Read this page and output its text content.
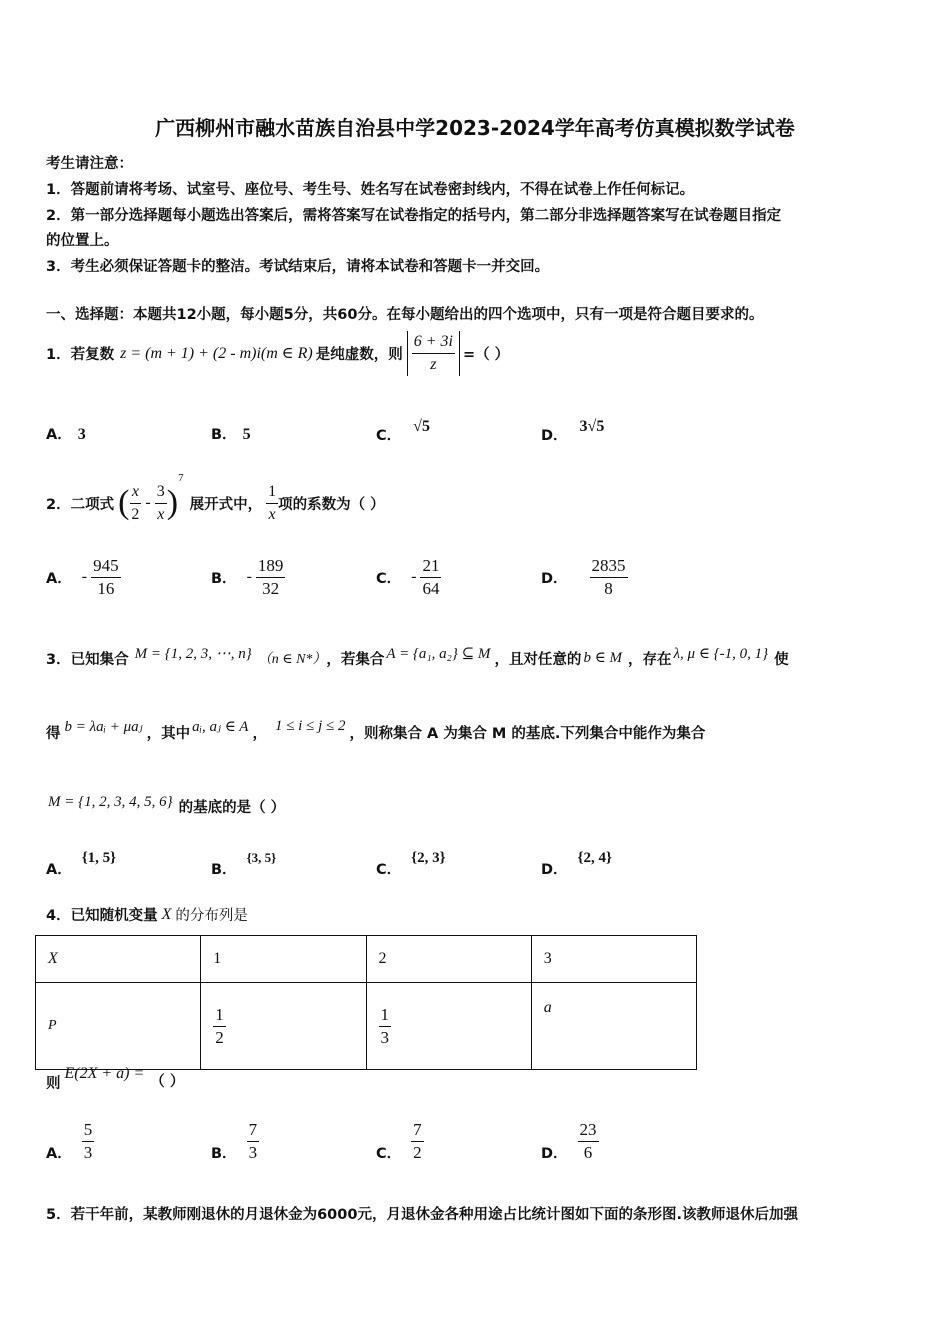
广西柳州市融水苗族自治县中学2023-2024学年高考仿真模拟数学试卷
考生请注意：
1．答题前请将考场、试室号、座位号、考生号、姓名写在试卷密封线内，不得在试卷上作任何标记。
2．第一部分选择题每小题选出答案后，需将答案写在试卷指定的括号内，第二部分非选择题答案写在试卷题目指定
的位置上。
3．考生必须保证答题卡的整洁。考试结束后，请将本试卷和答题卡一并交回。
一、选择题：本题共12小题，每小题5分，共60分。在每小题给出的四个选项中，只有一项是符合题目要求的。
1．若复数 z = (m + 1) + (2 - m)i(m ∈ R) 是纯虚数，则 $\frac{6 + 3i}{z}$ =（ ）
A． 3	B． 5	C．√5
D．3√5
2．二项式 ( $\frac{x}{2} - \frac{3}{x}$ )
7
展开式中， $\frac{1}{x}$ 项的系数为（ ）
A． - $\frac{945}{16}$	B． - $\frac{189}{32}$	C． - $\frac{21}{64}$	D． $\frac{2835}{8}$
3．已知集合 M = {1, 2, 3, ⋯, n} （n ∈ N*） ，若集合 A = {a₁, a₂} ⊆ M ，且对任意的 b ∈ M ，存在 λ, μ ∈ {-1, 0, 1} 使
得 b = λaᵢ + μaⱼ ，其中 aᵢ, aⱼ ∈ A ， 1 ≤ i ≤ j ≤ 2 ，则称集合 A 为集合 M 的基底.下列集合中能作为集合
M = {1, 2, 3, 4, 5, 6} 的基底的是（ ）
A．{1, 5}
B．{3, 5}
C．{2, 3}
D．{2, 4}
4．已知随机变量 X 的分布列是
X	1	2	3
P	$\frac{1}{2}$	$\frac{1}{3}$	a
则
E(2X + a) = （ ）
A． $\frac{5}{3}$	B． $\frac{7}{3}$	C． $\frac{7}{2}$	D． $\frac{23}{6}$
5．若干年前，某教师刚退休的月退休金为6000元，月退休金各种用途占比统计图如下面的条形图.该教师退休后加强
